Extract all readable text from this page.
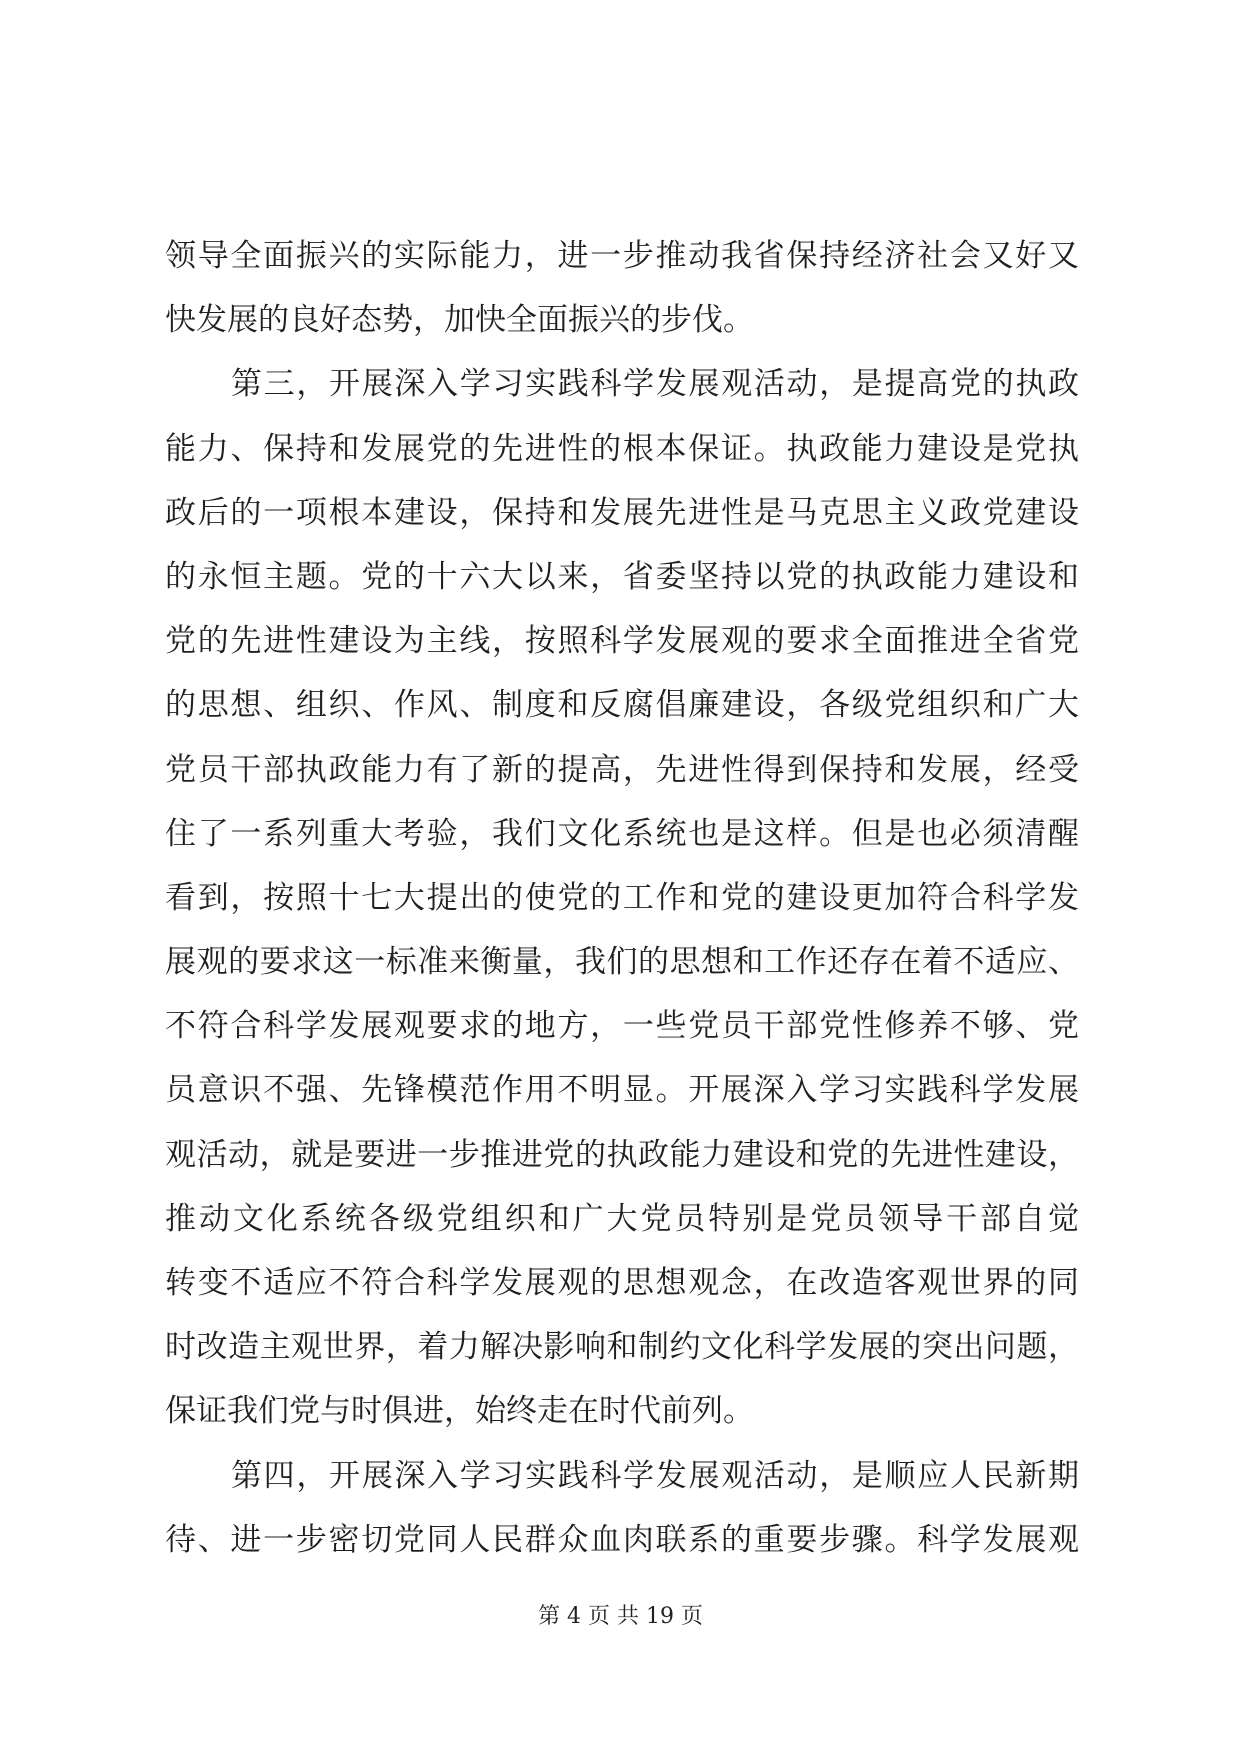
领导全面振兴的实际能力，进一步推动我省保持经济社会又好又
快发展的良好态势，加快全面振兴的步伐。
第三，开展深入学习实践科学发展观活动，是提高党的执政
能力、保持和发展党的先进性的根本保证。执政能力建设是党执
政后的一项根本建设，保持和发展先进性是马克思主义政党建设
的永恒主题。党的十六大以来，省委坚持以党的执政能力建设和
党的先进性建设为主线，按照科学发展观的要求全面推进全省党
的思想、组织、作风、制度和反腐倡廉建设，各级党组织和广大
党员干部执政能力有了新的提高，先进性得到保持和发展，经受
住了一系列重大考验，我们文化系统也是这样。但是也必须清醒
看到，按照十七大提出的使党的工作和党的建设更加符合科学发
展观的要求这一标准来衡量，我们的思想和工作还存在着不适应、
不符合科学发展观要求的地方，一些党员干部党性修养不够、党
员意识不强、先锋模范作用不明显。开展深入学习实践科学发展
观活动，就是要进一步推进党的执政能力建设和党的先进性建设，
推动文化系统各级党组织和广大党员特别是党员领导干部自觉
转变不适应不符合科学发展观的思想观念，在改造客观世界的同
时改造主观世界，着力解决影响和制约文化科学发展的突出问题，
保证我们党与时俱进，始终走在时代前列。
第四，开展深入学习实践科学发展观活动，是顺应人民新期
待、进一步密切党同人民群众血肉联系的重要步骤。科学发展观
第 4 页 共 19 页
